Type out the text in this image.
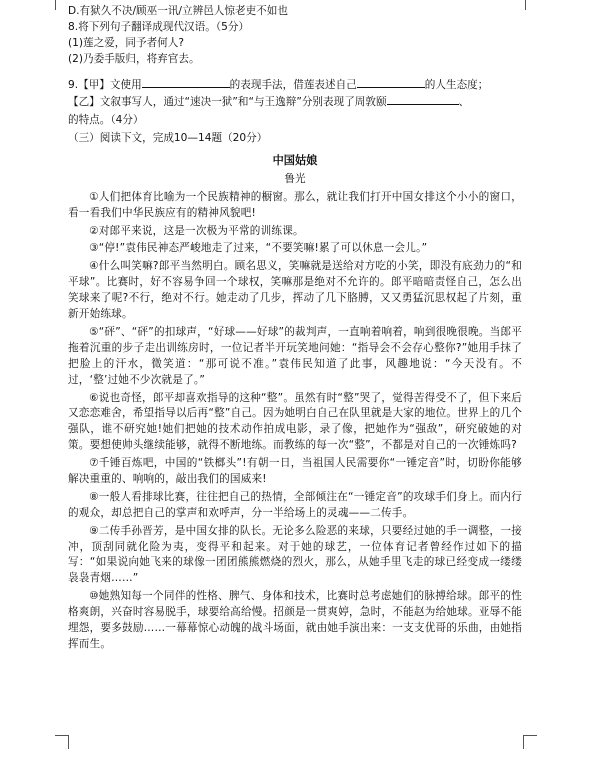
D.有狱久不决/顾巫一讯/立辨邑人惊老吏不如也

8.将下列句子翻译成现代汉语。（5分）

(1)莲之爱，同予者何人?

(2)乃委手版归，将弃官去。

9.【甲】文使用	的表现手法，借莲表述自己	的人生态度；

【乙】文叙事写人，通过“速决一狱”和“与王逸辩”分别表现了周敦颐	、

的特点。（4分）

（三）阅读下文，完成10—14题（20分）

中国姑娘

鲁光

①人们把体育比喻为一个民族精神的橱窗。那么，就让我们打开中国女排这个小小的窗口，看一看我们中华民族应有的精神风貌吧!

②对郎平来说，这是一次极为平常的训练课。

③“停!”袁伟民神态严峻地走了过来，“不要笑嘛!累了可以休息一会儿。”

④什么叫笑嘛?郎平当然明白。顾名思义，笑嘛就是送给对方吃的小笑，即没有底劲力的“和平球”。比赛时，好不容易争回一个球权，笑嘛那是绝对不允许的。郎平暗暗责怪自己，怎么出笑球来了呢?不行，绝对不行。她走动了几步，挥动了几下胳膊，又又勇猛沉思权起了片刻，重新开始练球。

⑤“砰”、“砰”的扣球声，“好球——好球”的裁判声，一直响着响着，响到很晚很晚。当郎平拖着沉重的步子走出训练房时，一位记者半开玩笑地问她：“指导会不会存心整你?”她用手抹了把脸上的汗水，微笑道：“那可说不准。”袁伟民知道了此事，风趣地说：“今天没有。不过，‘整’过她不少次就是了。”

⑥说也奇怪，郎平却喜欢指导的这种“整”。虽然有时“整”哭了，觉得苦得受不了，但下来后又恋恋难舍，希望指导以后再“整”自己。因为她明白自己在队里就是大家的地位。世界上的几个强队，谁不研究她!她们把她的技术动作拍成电影，录了像，把她作为“强敌”，研究破她的对策。要想使帅头继续能够，就得不断地练。而教练的每一次“整”，不都是对自己的一次锤炼吗?

⑦千锤百炼吧，中国的“铁榔头”!有朝一日，当祖国人民需要你“一锤定音”时，切盼你能够解决重重的、响响的，敲出我们的国威来!

⑧一般人看排球比赛，往往把自己的热情，全部倾注在“一锤定音”的攻球手们身上。而内行的观众，却总把自己的掌声和欢呼声，分一半给场上的灵魂——二传手。

⑨二传手孙晋芳，是中国女排的队长。无论多么险恶的来球，只要经过她的手一调整，一接冲，顶刮同就化险为夷，变得平和起来。对于她的球艺，一位体育记者曾经作过如下的描写：“如果说向她飞来的球像一团团熊熊燃烧的烈火，那么，从她手里飞走的球已经变成一缕缕袅袅青烟……”

⑩她熟知每一个同伴的性格、脾气、身体和技术，比赛时总考虑她们的脉搏给球。郎平的性格爽朗，兴奋时容易脱手，球要给高给慢。招颜是一贯爽婷，急时，不能赵为给她球。亚辱不能埋怨，要多鼓励……一幕幕惊心动魄的战斗场面，就由她手演出来：一支支优哥的乐曲，由她指挥而生。
